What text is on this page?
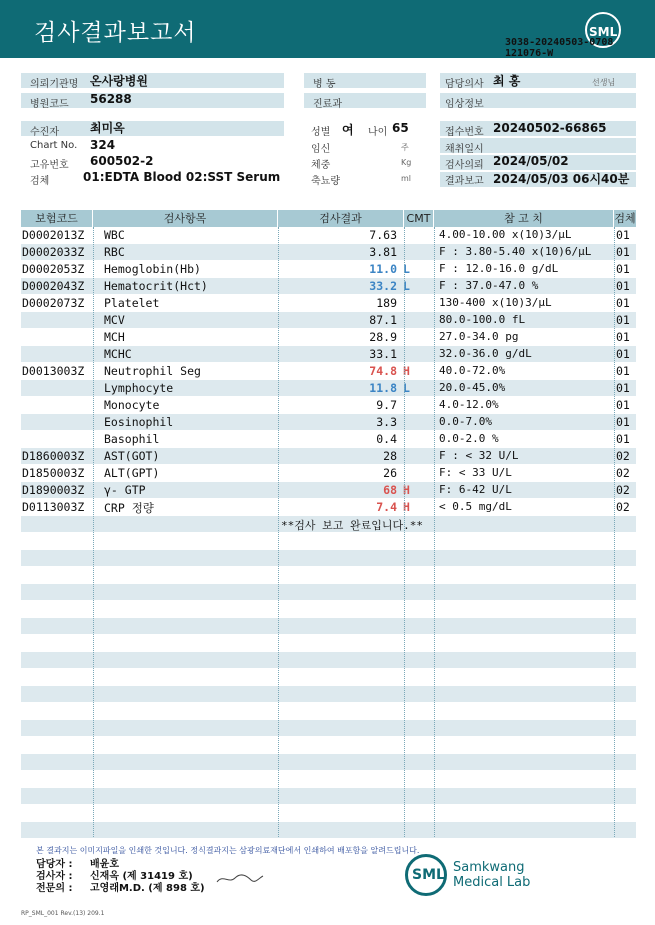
검사결과보고서	SML
3038-20240503-0708
121076-W
의뢰기관명 온사랑병원
병원코드 56288
병 동
진료과
담당의사 최 홍	선생님
임상정보
수진자	최미옥
Chart No. 324
고유번호 600502-2
검체	01:EDTA Blood 02:SST Serum
성별 여 나이 65
임신	주
체중	Kg
축뇨량	ml
접수번호 20240502-66865
채취일시
검사의뢰 2024/05/02
결과보고 2024/05/03 06시40분
보험코드	검사항목	검사결과	CMT	참 고 치	검체
D0002013Z WBC	7.63	4.00-10.00 x(10)3/μL	01
D0002033Z RBC	3.81	F : 3.80-5.40 x(10)6/μL 01
D0002053Z Hemoglobin(Hb)	11.0 L	F : 12.0-16.0 g/dL	01
D0002043Z Hematocrit(Hct)	33.2 L	F : 37.0-47.0 %	01
D0002073Z Platelet	189	130-400 x(10)3/μL	01
MCV	87.1	80.0-100.0 fL	01
MCH	28.9	27.0-34.0 pg	01
MCHC	33.1	32.0-36.0 g/dL	01
D0013003Z Neutrophil Seg	74.8 H	40.0-72.0%	01
Lymphocyte	11.8 L	20.0-45.0%	01
Monocyte	9.7	4.0-12.0%	01
Eosinophil	3.3	0.0-7.0%	01
Basophil	0.4	0.0-2.0 %	01
D1860003Z AST(GOT)	28	F : < 32 U/L	02
D1850003Z ALT(GPT)	26	F: < 33 U/L	02
D1890003Z γ- GTP	68 H	F: 6-42 U/L	02
D0113003Z CRP 정량	7.4 H	< 0.5 mg/dL	02
**검사 보고 완료입니다.**
본 결과지는 이미지파일을 인쇄한 것입니다. 정식결과지는 삼광의료재단에서 인쇄하여 배포함을 알려드립니다.
담당자 : 배윤호
검사자 : 신재옥 (제 31419 호)
전문의 : 고영래M.D. (제 898 호)
SML Samkwang
Medical Lab
RP_SML_001 Rev.(13) 209.1
